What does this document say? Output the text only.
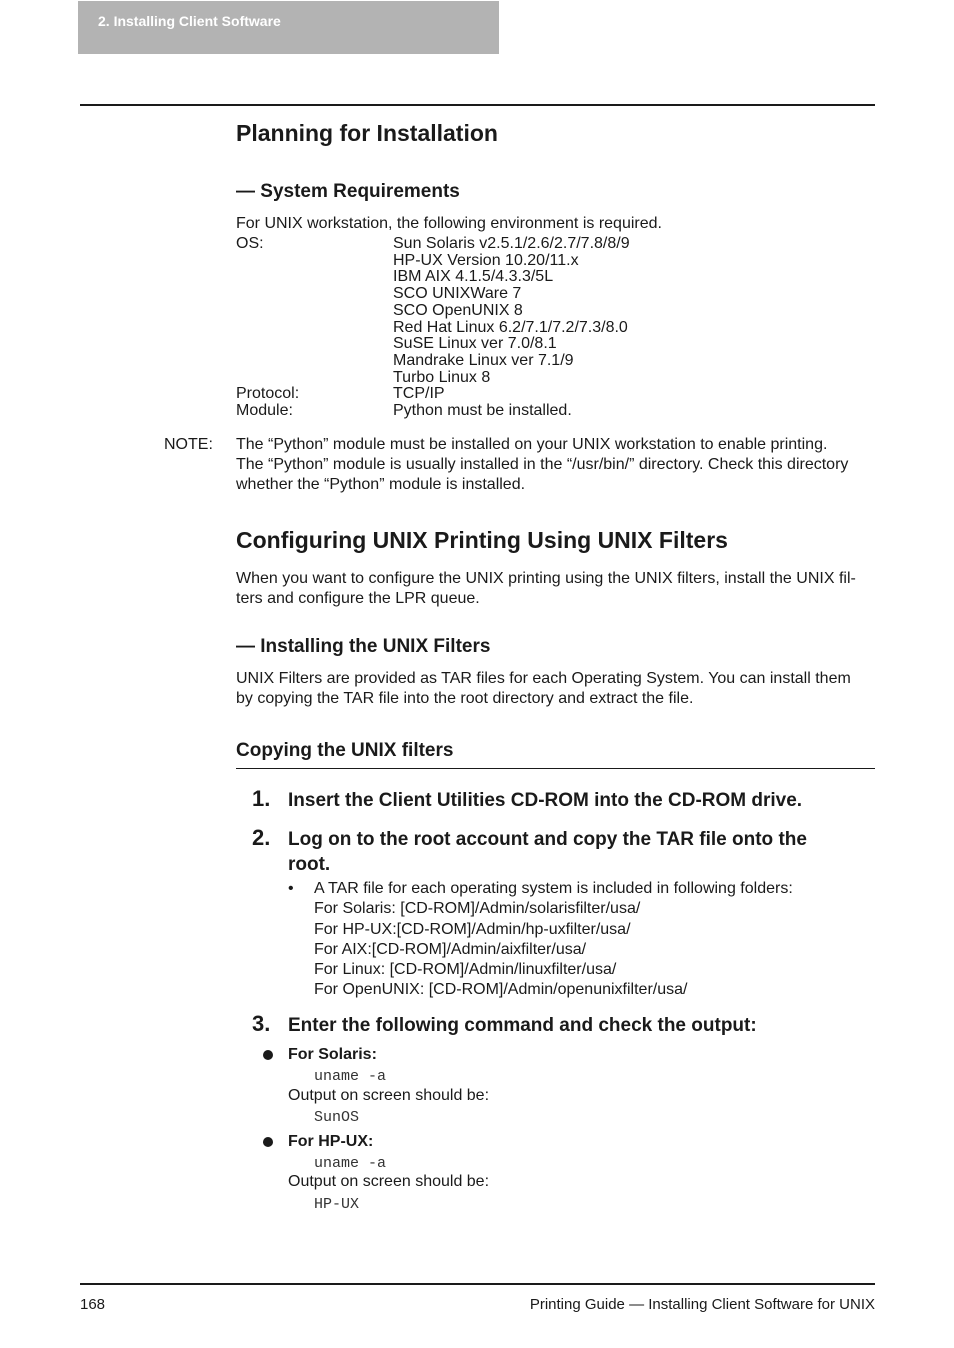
2. Installing Client Software
Planning for Installation
— System Requirements
For UNIX workstation, the following environment is required.
OS:	Sun Solaris v2.5.1/2.6/2.7/7.8/8/9
HP-UX Version 10.20/11.x
IBM AIX 4.1.5/4.3.3/5L
SCO UNIXWare 7
SCO OpenUNIX 8
Red Hat Linux 6.2/7.1/7.2/7.3/8.0
SuSE Linux ver 7.0/8.1
Mandrake Linux ver 7.1/9
Turbo Linux 8
Protocol:	TCP/IP
Module:	Python must be installed.
NOTE: The “Python” module must be installed on your UNIX workstation to enable printing.
The “Python” module is usually installed in the “/usr/bin/” directory. Check this directory
whether the “Python” module is installed.
Configuring UNIX Printing Using UNIX Filters
When you want to configure the UNIX printing using the UNIX filters, install the UNIX fil-
ters and configure the LPR queue.
— Installing the UNIX Filters
UNIX Filters are provided as TAR files for each Operating System. You can install them
by copying the TAR file into the root directory and extract the file.
Copying the UNIX filters
1. Insert the Client Utilities CD-ROM into the CD-ROM drive.
2. Log on to the root account and copy the TAR file onto the
root.
• A TAR file for each operating system is included in following folders:
For Solaris: [CD-ROM]/Admin/solarisfilter/usa/
For HP-UX:[CD-ROM]/Admin/hp-uxfilter/usa/
For AIX:[CD-ROM]/Admin/aixfilter/usa/
For Linux: [CD-ROM]/Admin/linuxfilter/usa/
For OpenUNIX: [CD-ROM]/Admin/openunixfilter/usa/
3. Enter the following command and check the output:
For Solaris:
uname -a
Output on screen should be:
SunOS
For HP-UX:
uname -a
Output on screen should be:
HP-UX
168	Printing Guide — Installing Client Software for UNIX
